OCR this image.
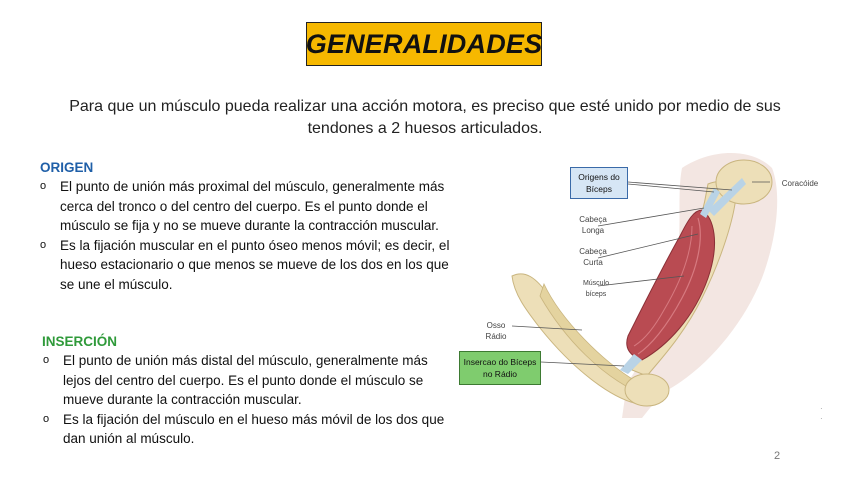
GENERALIDADES
Para que un músculo pueda realizar una acción motora, es preciso que esté unido por medio de sus tendones a 2 huesos articulados.
ORIGEN
o	El punto de unión más proximal del músculo, generalmente más cerca del tronco o del centro del cuerpo. Es el punto donde el músculo se fija y no se mueve durante la contracción muscular.
o	Es la fijación muscular en el punto óseo menos móvil; es decir, el hueso estacionario o que menos se mueve de los dos en los que se une el músculo.
INSERCIÓN
o	El punto de unión más distal del músculo, generalmente más lejos del centro del cuerpo. Es el punto donde el músculo se mueve durante la contracción muscular.
o	Es la fijación del músculo en el hueso más móvil de los dos que dan unión al músculo.
Origens do Bíceps
Coracóide
Cabeça Longa
Cabeça Curta
Músculo bíceps
Osso Rádio
Insercao do Bíceps no Rádio
·
·
2
